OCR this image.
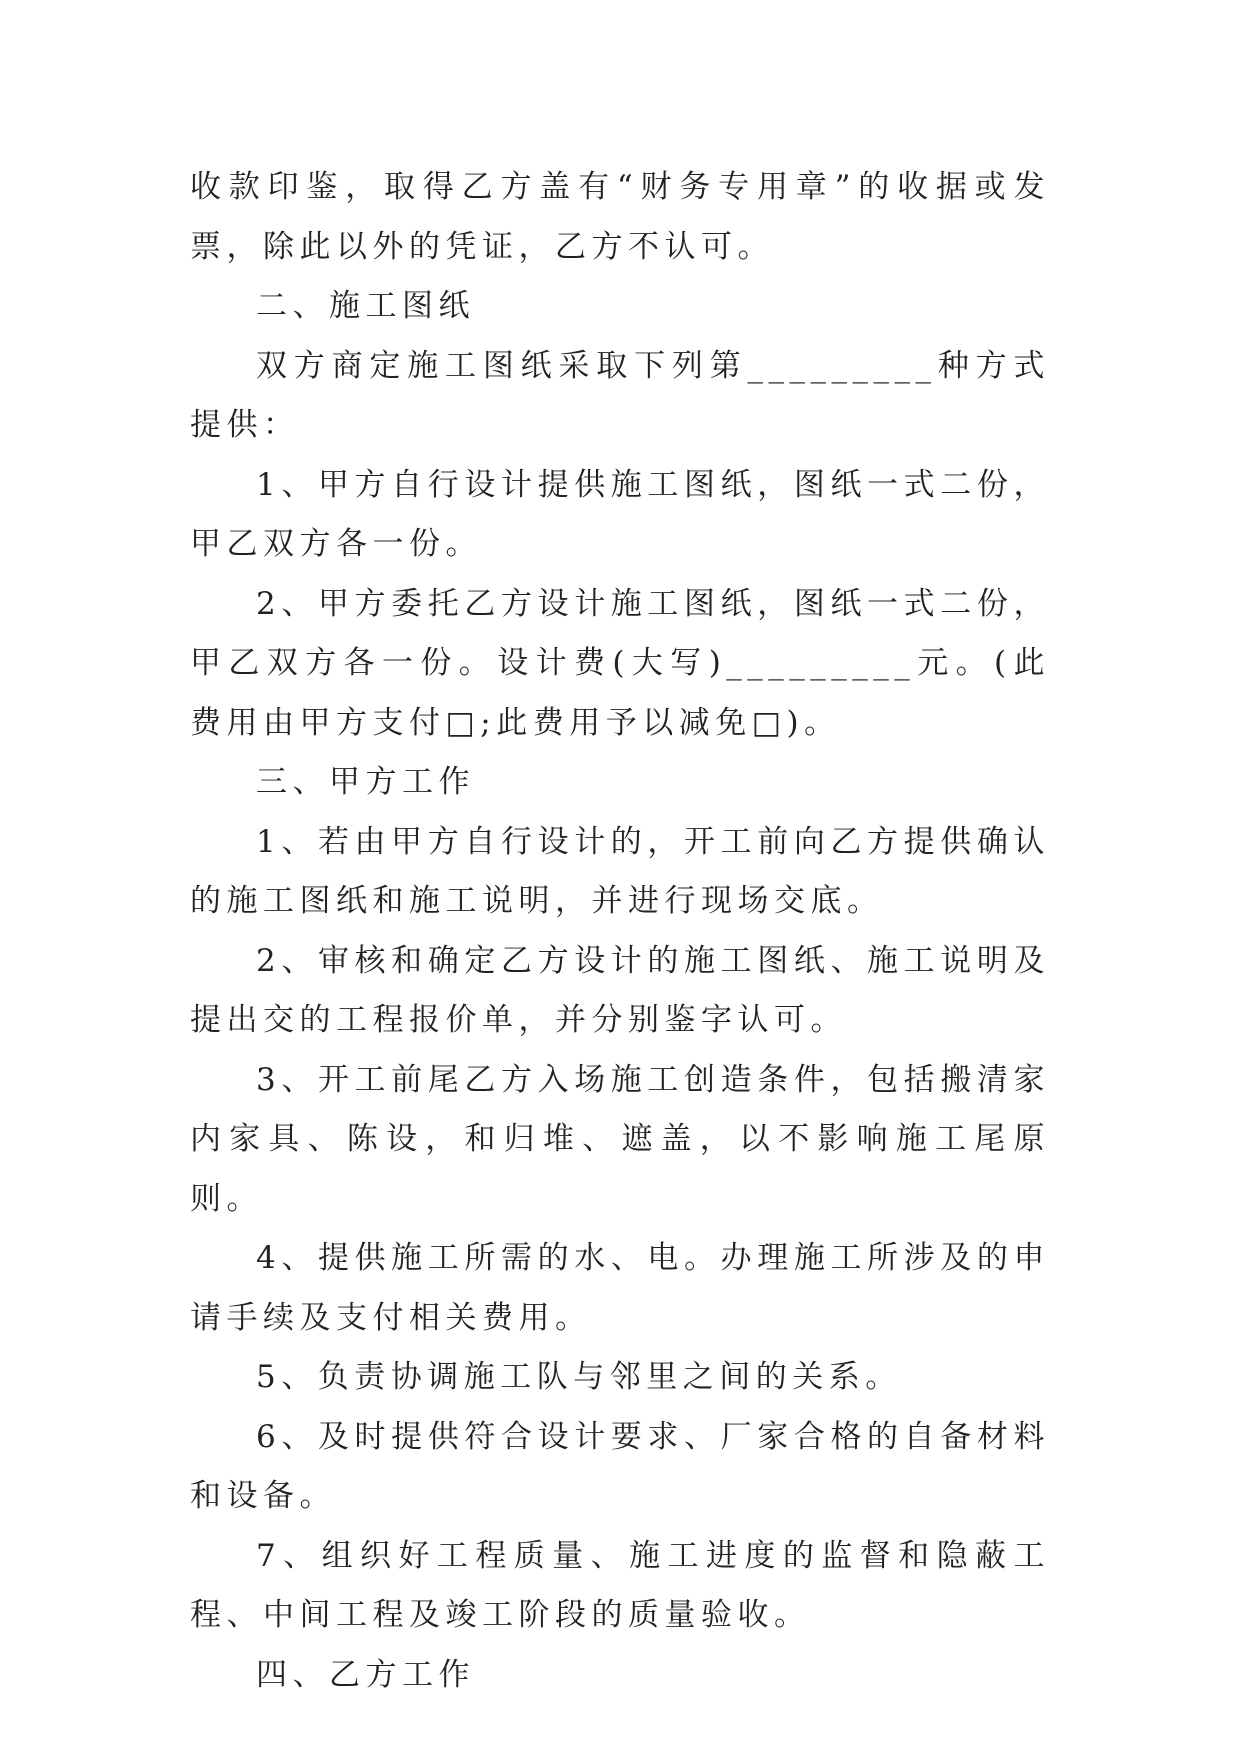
收款印鉴，取得乙方盖有“财务专用章”的收据或发票，除此以外的凭证，乙方不认可。

二、施工图纸

双方商定施工图纸采取下列第_________种方式提供：

1、甲方自行设计提供施工图纸，图纸一式二份，甲乙双方各一份。

2、甲方委托乙方设计施工图纸，图纸一式二份，甲乙双方各一份。设计费(大写)_________元。(此费用由甲方支付□;此费用予以减免□)。

三、甲方工作

1、若由甲方自行设计的，开工前向乙方提供确认的施工图纸和施工说明，并进行现场交底。

2、审核和确定乙方设计的施工图纸、施工说明及提出交的工程报价单，并分别鉴字认可。

3、开工前尾乙方入场施工创造条件，包括搬清家内家具、陈设，和归堆、遮盖，以不影响施工尾原则。

4、提供施工所需的水、电。办理施工所涉及的申请手续及支付相关费用。

5、负责协调施工队与邻里之间的关系。

6、及时提供符合设计要求、厂家合格的自备材料和设备。

7、组织好工程质量、施工进度的监督和隐蔽工程、中间工程及竣工阶段的质量验收。

四、乙方工作
